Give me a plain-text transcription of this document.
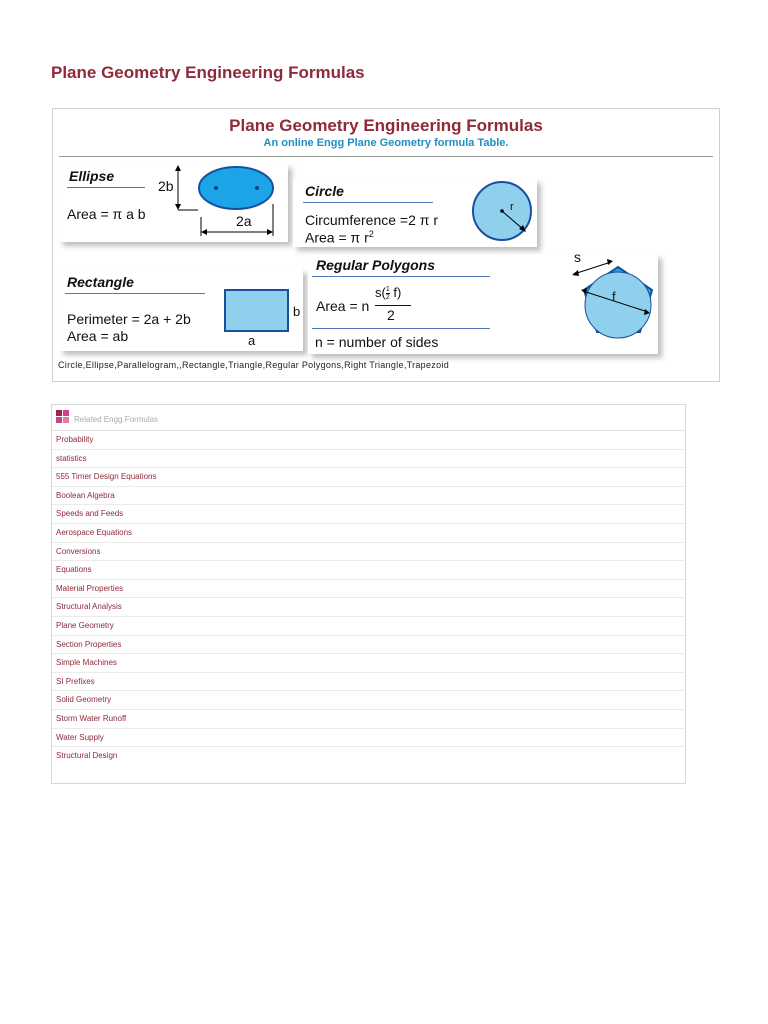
Plane Geometry Engineering Formulas
Plane Geometry Engineering Formulas
An online Engg Plane Geometry formula Table.
Ellipse
Area = π a b
2b
2a
Circle
Circumference =2 π r
Area = π $r^2$
r
Rectangle
Perimeter = 2a + 2b
Area = ab
b
a
Regular Polygons
Area = n
$s( \frac{1}{2} f)$
2
n = number of sides
s
f
Circle,Ellipse,Parallelogram,,Rectangle,Triangle,Regular Polygons,Right Triangle,Trapezoid
Related Engg.Formulas
Probability
statistics
555 Timer Design Equations
Boolean Algebra
Speeds and Feeds
Aerospace Equations
Conversions
Equations
Material Properties
Structural Analysis
Plane Geometry
Section Properties
Simple Machines
SI Prefixes
Solid Geometry
Storm Water Runoff
Water Supply
Structural Design
